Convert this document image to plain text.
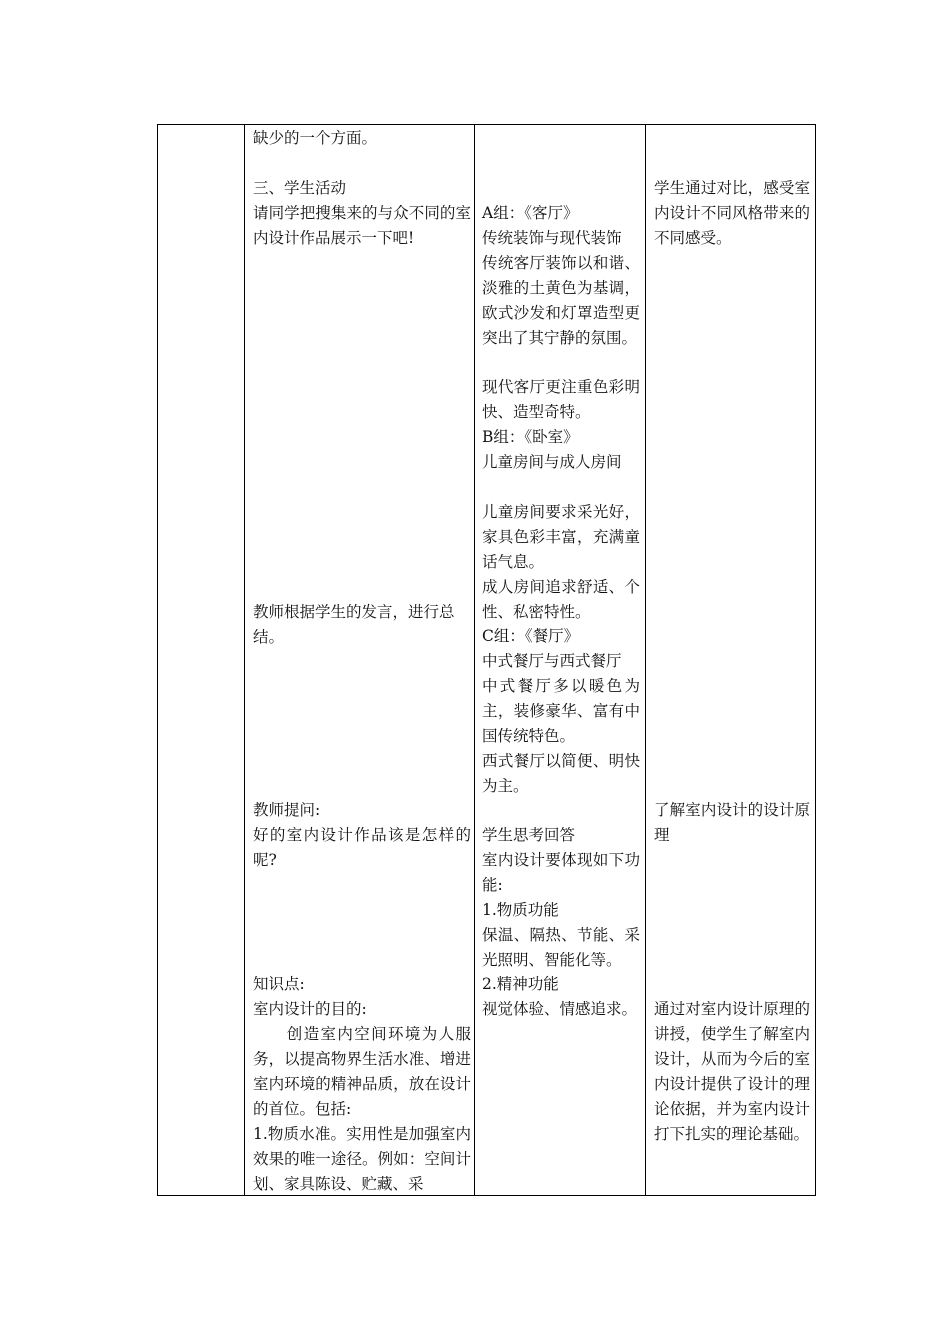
缺少的一个方面。
三、学生活动
请同学把搜集来的与众不同的室内设计作品展示一下吧!
教师根据学生的发言，进行总结。
教师提问:
好的室内设计作品该是怎样的呢?
知识点:
室内设计的目的:
　　创造室内空间环境为人服务，以提高物界生活水准、增进室内环境的精神品质，放在设计的首位。包括:
1.物质水准。实用性是加强室内效果的唯一途径。例如：空间计划、家具陈设、贮藏、采
A组：《客厅》
传统装饰与现代装饰
传统客厅装饰以和谐、淡雅的土黄色为基调，欧式沙发和灯罩造型更突出了其宁静的氛围。
现代客厅更注重色彩明快、造型奇特。
B组：《卧室》
儿童房间与成人房间
儿童房间要求采光好，家具色彩丰富，充满童话气息。
成人房间追求舒适、个性、私密特性。
C组：《餐厅》
中式餐厅与西式餐厅
中式餐厅多以暖色为主，装修豪华、富有中国传统特色。
西式餐厅以简便、明快为主。
学生思考回答
室内设计要体现如下功能:
1.物质功能
保温、隔热、节能、采光照明、智能化等。
2.精神功能
视觉体验、情感追求。
学生通过对比，感受室内设计不同风格带来的不同感受。
了解室内设计的设计原理
通过对室内设计原理的讲授，使学生了解室内设计，从而为今后的室内设计提供了设计的理论依据，并为室内设计打下扎实的理论基础。
